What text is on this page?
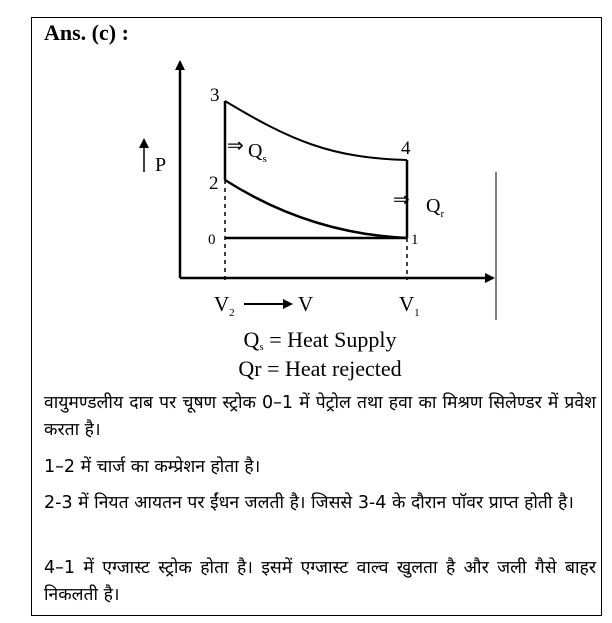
Ans. (c) :
P
3
2
0
4
1
⇒ $Q_s$
⇒ $Q_r$
$V_2$	V	$V_1$
$Q_s$ = Heat Supply
Qr = Heat rejected
वायुमण्डलीय दाब पर चूषण स्ट्रोक 0–1 में पेट्रोल तथा हवा का मिश्रण सिलेण्डर में प्रवेश करता है।
1–2 में चार्ज का कम्प्रेशन होता है।
2-3 में नियत आयतन पर ईंधन जलती है। जिससे 3-4 के दौरान पॉवर प्राप्त होती है।
4–1 में एग्जास्ट स्ट्रोक होता है। इसमें एग्जास्ट वाल्व खुलता है और जली गैसे बाहर निकलती है।
